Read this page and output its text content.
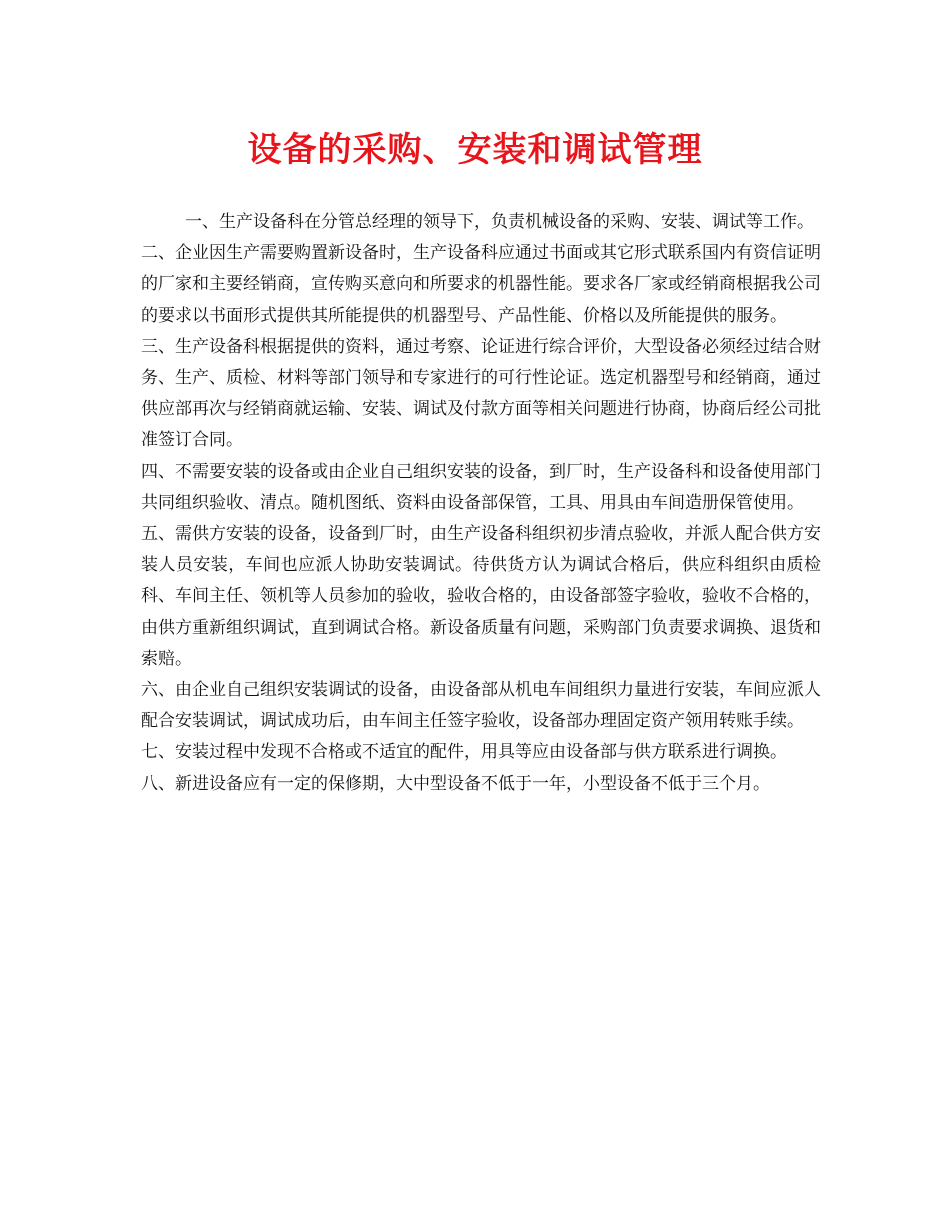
设备的采购、安装和调试管理

一、生产设备科在分管总经理的领导下，负责机械设备的采购、安装、调试等工作。

二、企业因生产需要购置新设备时，生产设备科应通过书面或其它形式联系国内有资信证明的厂家和主要经销商，宣传购买意向和所要求的机器性能。要求各厂家或经销商根据我公司的要求以书面形式提供其所能提供的机器型号、产品性能、价格以及所能提供的服务。

三、生产设备科根据提供的资料，通过考察、论证进行综合评价，大型设备必须经过结合财务、生产、质检、材料等部门领导和专家进行的可行性论证。选定机器型号和经销商，通过供应部再次与经销商就运输、安装、调试及付款方面等相关问题进行协商，协商后经公司批准签订合同。

四、不需要安装的设备或由企业自己组织安装的设备，到厂时，生产设备科和设备使用部门共同组织验收、清点。随机图纸、资料由设备部保管，工具、用具由车间造册保管使用。

五、需供方安装的设备，设备到厂时，由生产设备科组织初步清点验收，并派人配合供方安装人员安装，车间也应派人协助安装调试。待供货方认为调试合格后，供应科组织由质检科、车间主任、领机等人员参加的验收，验收合格的，由设备部签字验收，验收不合格的，由供方重新组织调试，直到调试合格。新设备质量有问题，采购部门负责要求调换、退货和索赔。

六、由企业自己组织安装调试的设备，由设备部从机电车间组织力量进行安装，车间应派人配合安装调试，调试成功后，由车间主任签字验收，设备部办理固定资产领用转账手续。

七、安装过程中发现不合格或不适宜的配件，用具等应由设备部与供方联系进行调换。

八、新进设备应有一定的保修期，大中型设备不低于一年，小型设备不低于三个月。
